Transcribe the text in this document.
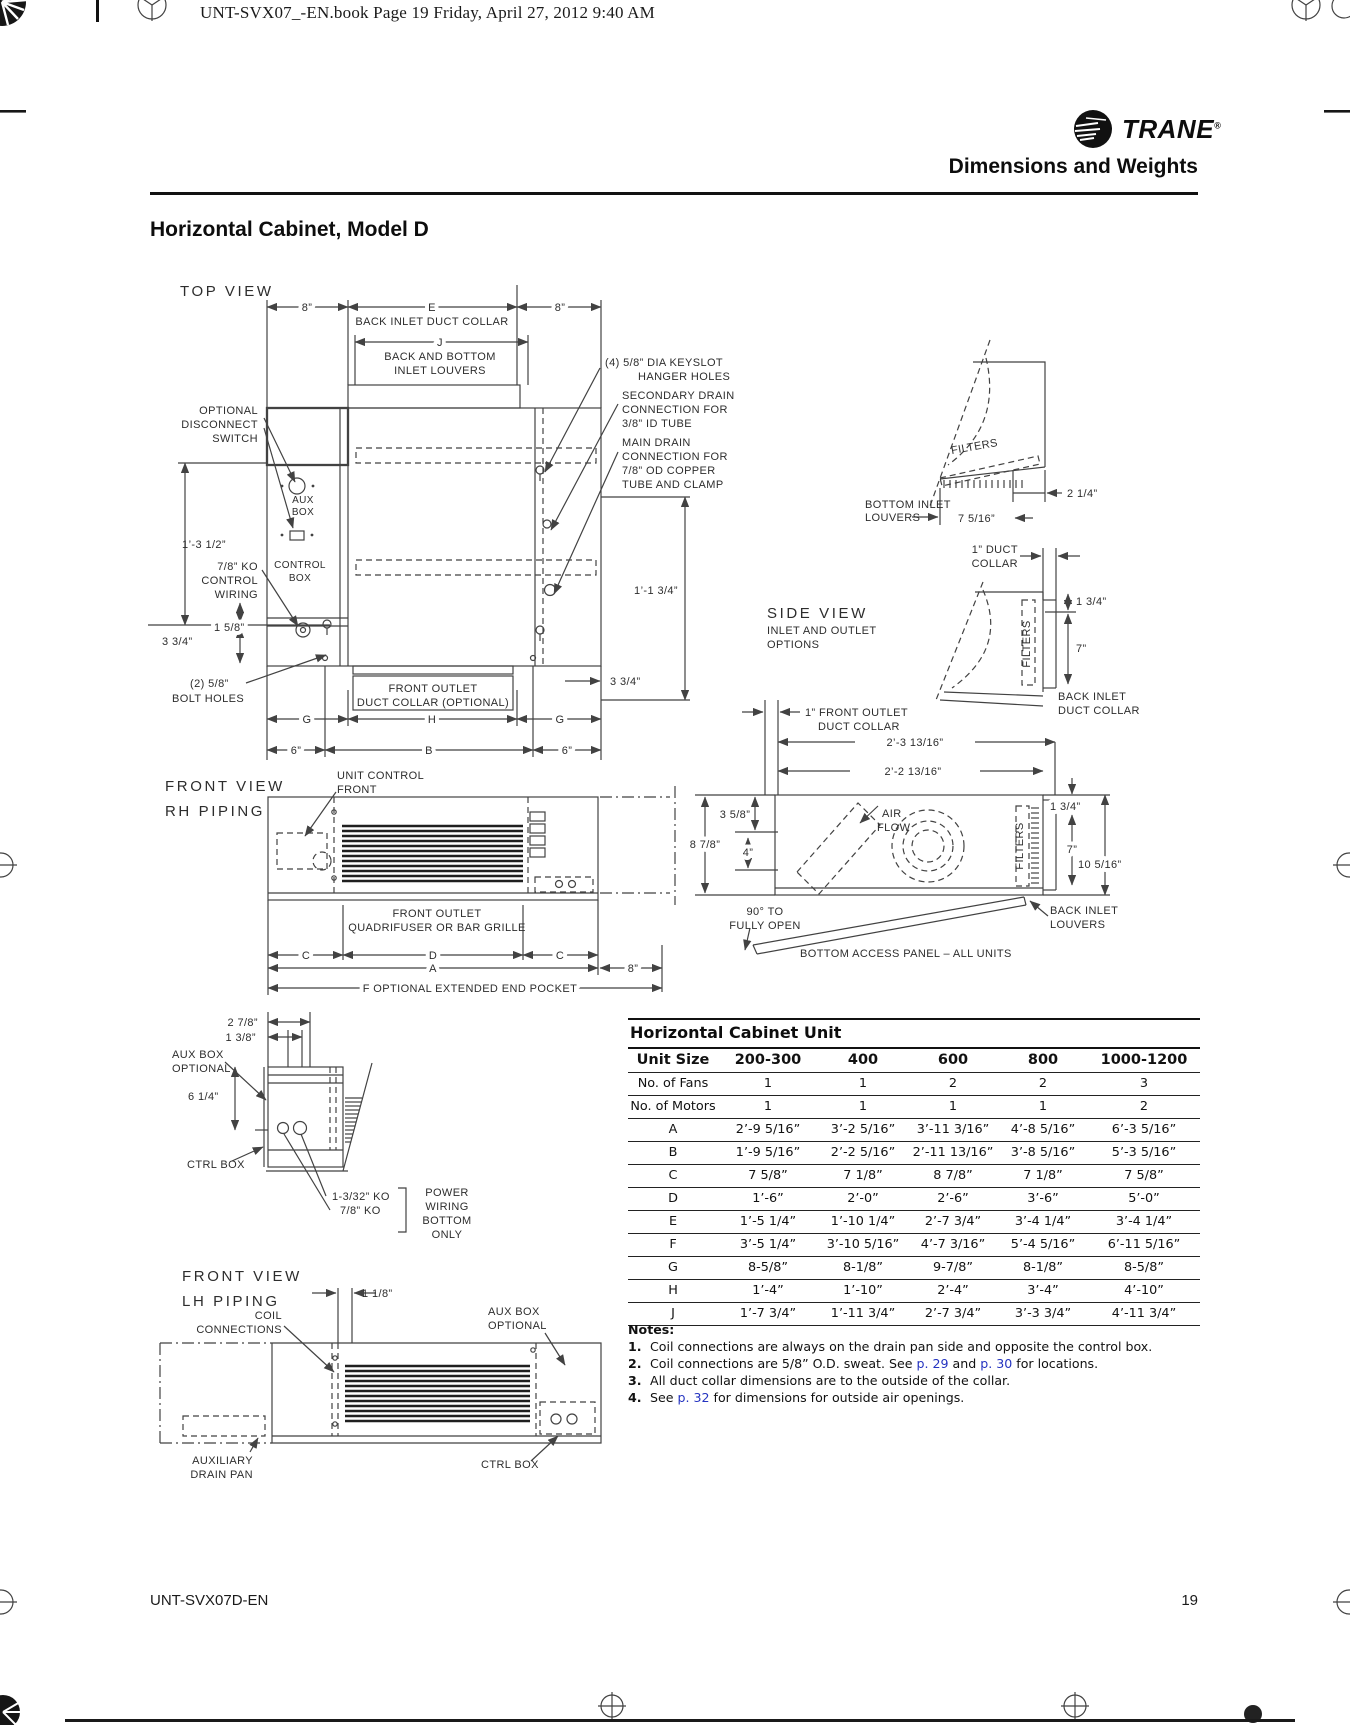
UNT-SVX07_-EN.book Page 19 Friday, April 27, 2012 9:40 AM
TRANE®
Dimensions and Weights
Horizontal Cabinet, Model D
UNT-SVX07D-EN	19
TOP VIEW
8”	E
BACK INLET DUCT COLLAR
8”
J
BACK AND BOTTOM
INLET LOUVERS
(4) 5/8” DIA KEYSLOT
HANGER HOLES
SECONDARY DRAIN
CONNECTION FOR
3/8” ID TUBE
MAIN DRAIN
CONNECTION FOR
7/8” OD COPPER
TUBE AND CLAMP
OPTIONAL
DISCONNECT
SWITCH
AUX
BOX
CONTROL
BOX
1’-3 1/2”
7/8” KO
CONTROL
WIRING
1 5/8”
3 3/4”
(2) 5/8”
BOLT HOLES
1’-1 3/4”
3 3/4”
FRONT OUTLET
DUCT COLLAR (OPTIONAL)
G	H	G
6”	B	6”
FILTERS
2 1/4”
7 5/16”
BOTTOM INLET
LOUVERS
SIDE VIEW
INLET AND OUTLET
OPTIONS
1” DUCT
COLLAR
1 3/4”
7”
FILTERS
BACK INLET
DUCT COLLAR
1” FRONT OUTLET
DUCT COLLAR
2’-3 13/16”
2’-2 13/16”
3 5/8”
8 7/8”
4”
AIR
FLOW	FILTERS
1 3/4”
7”
10 5/16”
90° TO
FULLY OPEN
BACK INLET
LOUVERS
BOTTOM ACCESS PANEL – ALL UNITS
FRONT VIEW
RH PIPING
UNIT CONTROL
FRONT
FRONT OUTLET
QUADRIFUSER OR BAR GRILLE
C	D	C
A	8”
F OPTIONAL EXTENDED END POCKET
2 7/8”
1 3/8”
AUX BOX
OPTIONAL
6 1/4”
CTRL BOX
1-3/32” KO
7/8” KO
POWER
WIRING
BOTTOM
ONLY
FRONT VIEW
LH PIPING	1 1/8”
COIL
CONNECTIONS
AUX BOX
OPTIONAL
AUXILIARY
DRAIN PAN
CTRL BOX
Horizontal Cabinet Unit
Unit Size	200-300	400	600	800	1000-1200
No. of Fans	1	1	2	2	3
No. of Motors	1	1	1	1	2
A	2’-9 5/16”	3’-2 5/16”	3’-11 3/16”	4’-8 5/16”	6’-3 5/16”
B	1’-9 5/16”	2’-2 5/16”	2’-11 13/16”	3’-8 5/16”	5’-3 5/16”
C	7 5/8”	7 1/8”	8 7/8”	7 1/8”	7 5/8”
D	1’-6”	2’-0”	2’-6”	3’-6”	5’-0”
E	1’-5 1/4”	1’-10 1/4”	2’-7 3/4”	3’-4 1/4”	3’-4 1/4”
F	3’-5 1/4”	3’-10 5/16”	4’-7 3/16”	5’-4 5/16”	6’-11 5/16”
G	8-5/8”	8-1/8”	9-7/8”	8-1/8”	8-5/8”
H	1’-4”	1’-10”	2’-4”	3’-4”	4’-10”
J	1’-7 3/4”	1’-11 3/4”	2’-7 3/4”	3’-3 3/4”	4’-11 3/4”
Notes:
1. Coil connections are always on the drain pan side and opposite the control box.
2. Coil connections are 5/8” O.D. sweat. See p. 29 and p. 30 for locations.
3. All duct collar dimensions are to the outside of the collar.
4. See p. 32 for dimensions for outside air openings.
